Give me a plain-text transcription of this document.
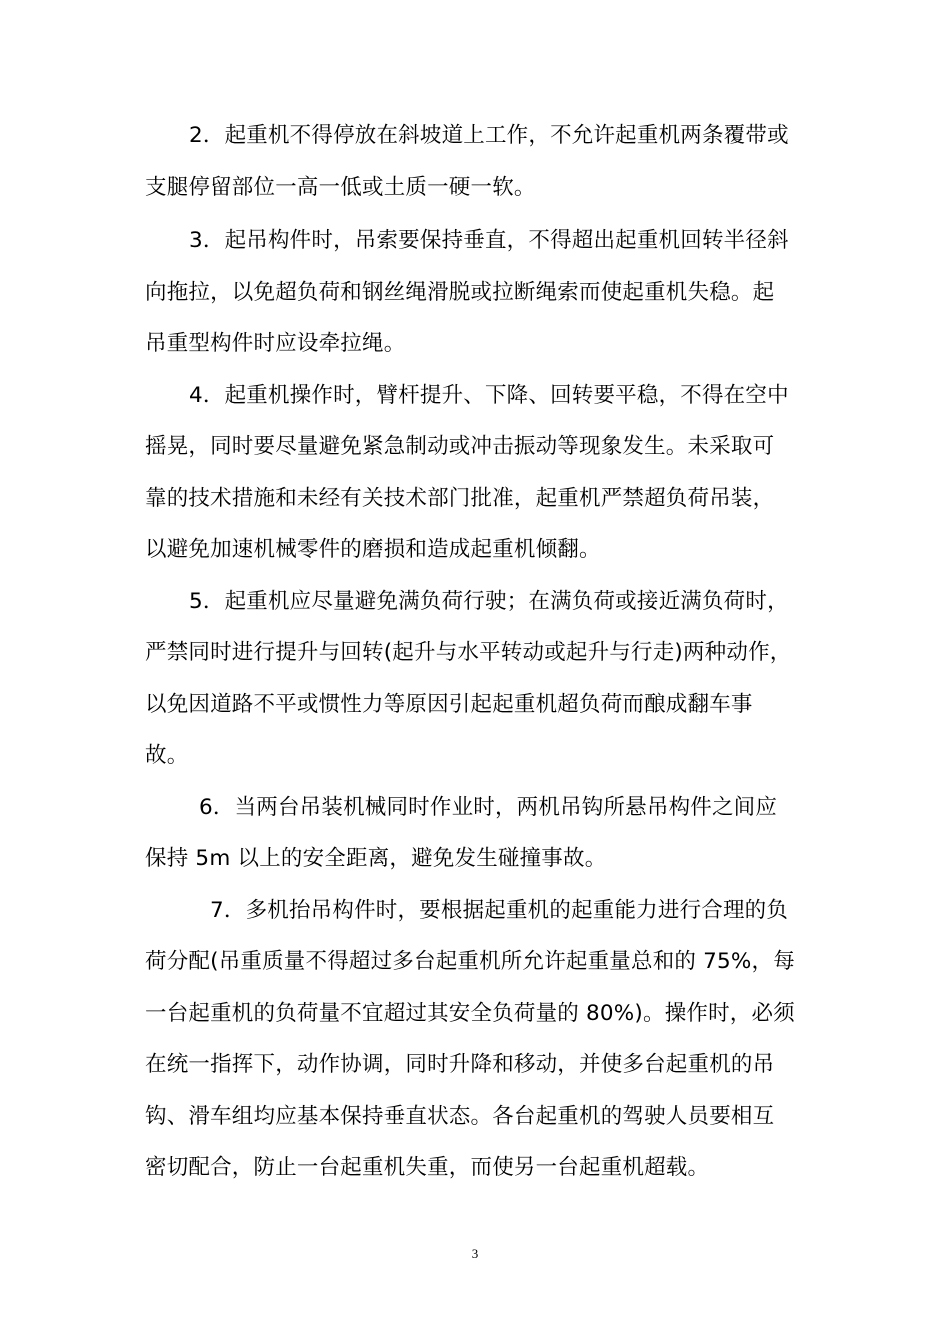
2．起重机不得停放在斜坡道上工作，不允许起重机两条覆带或
支腿停留部位一高一低或土质一硬一软。
3．起吊构件时，吊索要保持垂直，不得超出起重机回转半径斜
向拖拉，以免超负荷和钢丝绳滑脱或拉断绳索而使起重机失稳。起
吊重型构件时应设牵拉绳。
4．起重机操作时，臂杆提升、下降、回转要平稳，不得在空中
摇晃，同时要尽量避免紧急制动或冲击振动等现象发生。未采取可
靠的技术措施和未经有关技术部门批准，起重机严禁超负荷吊装，
以避免加速机械零件的磨损和造成起重机倾翻。
5．起重机应尽量避免满负荷行驶；在满负荷或接近满负荷时，
严禁同时进行提升与回转(起升与水平转动或起升与行走)两种动作，
以免因道路不平或惯性力等原因引起起重机超负荷而酿成翻车事
故。
6．当两台吊装机械同时作业时，两机吊钩所悬吊构件之间应
保持 5m 以上的安全距离，避免发生碰撞事故。
7．多机抬吊构件时，要根据起重机的起重能力进行合理的负
荷分配(吊重质量不得超过多台起重机所允许起重量总和的 75%，每
一台起重机的负荷量不宜超过其安全负荷量的 80%)。操作时，必须
在统一指挥下，动作协调，同时升降和移动，并使多台起重机的吊
钩、滑车组均应基本保持垂直状态。各台起重机的驾驶人员要相互
密切配合，防止一台起重机失重，而使另一台起重机超载。
3
